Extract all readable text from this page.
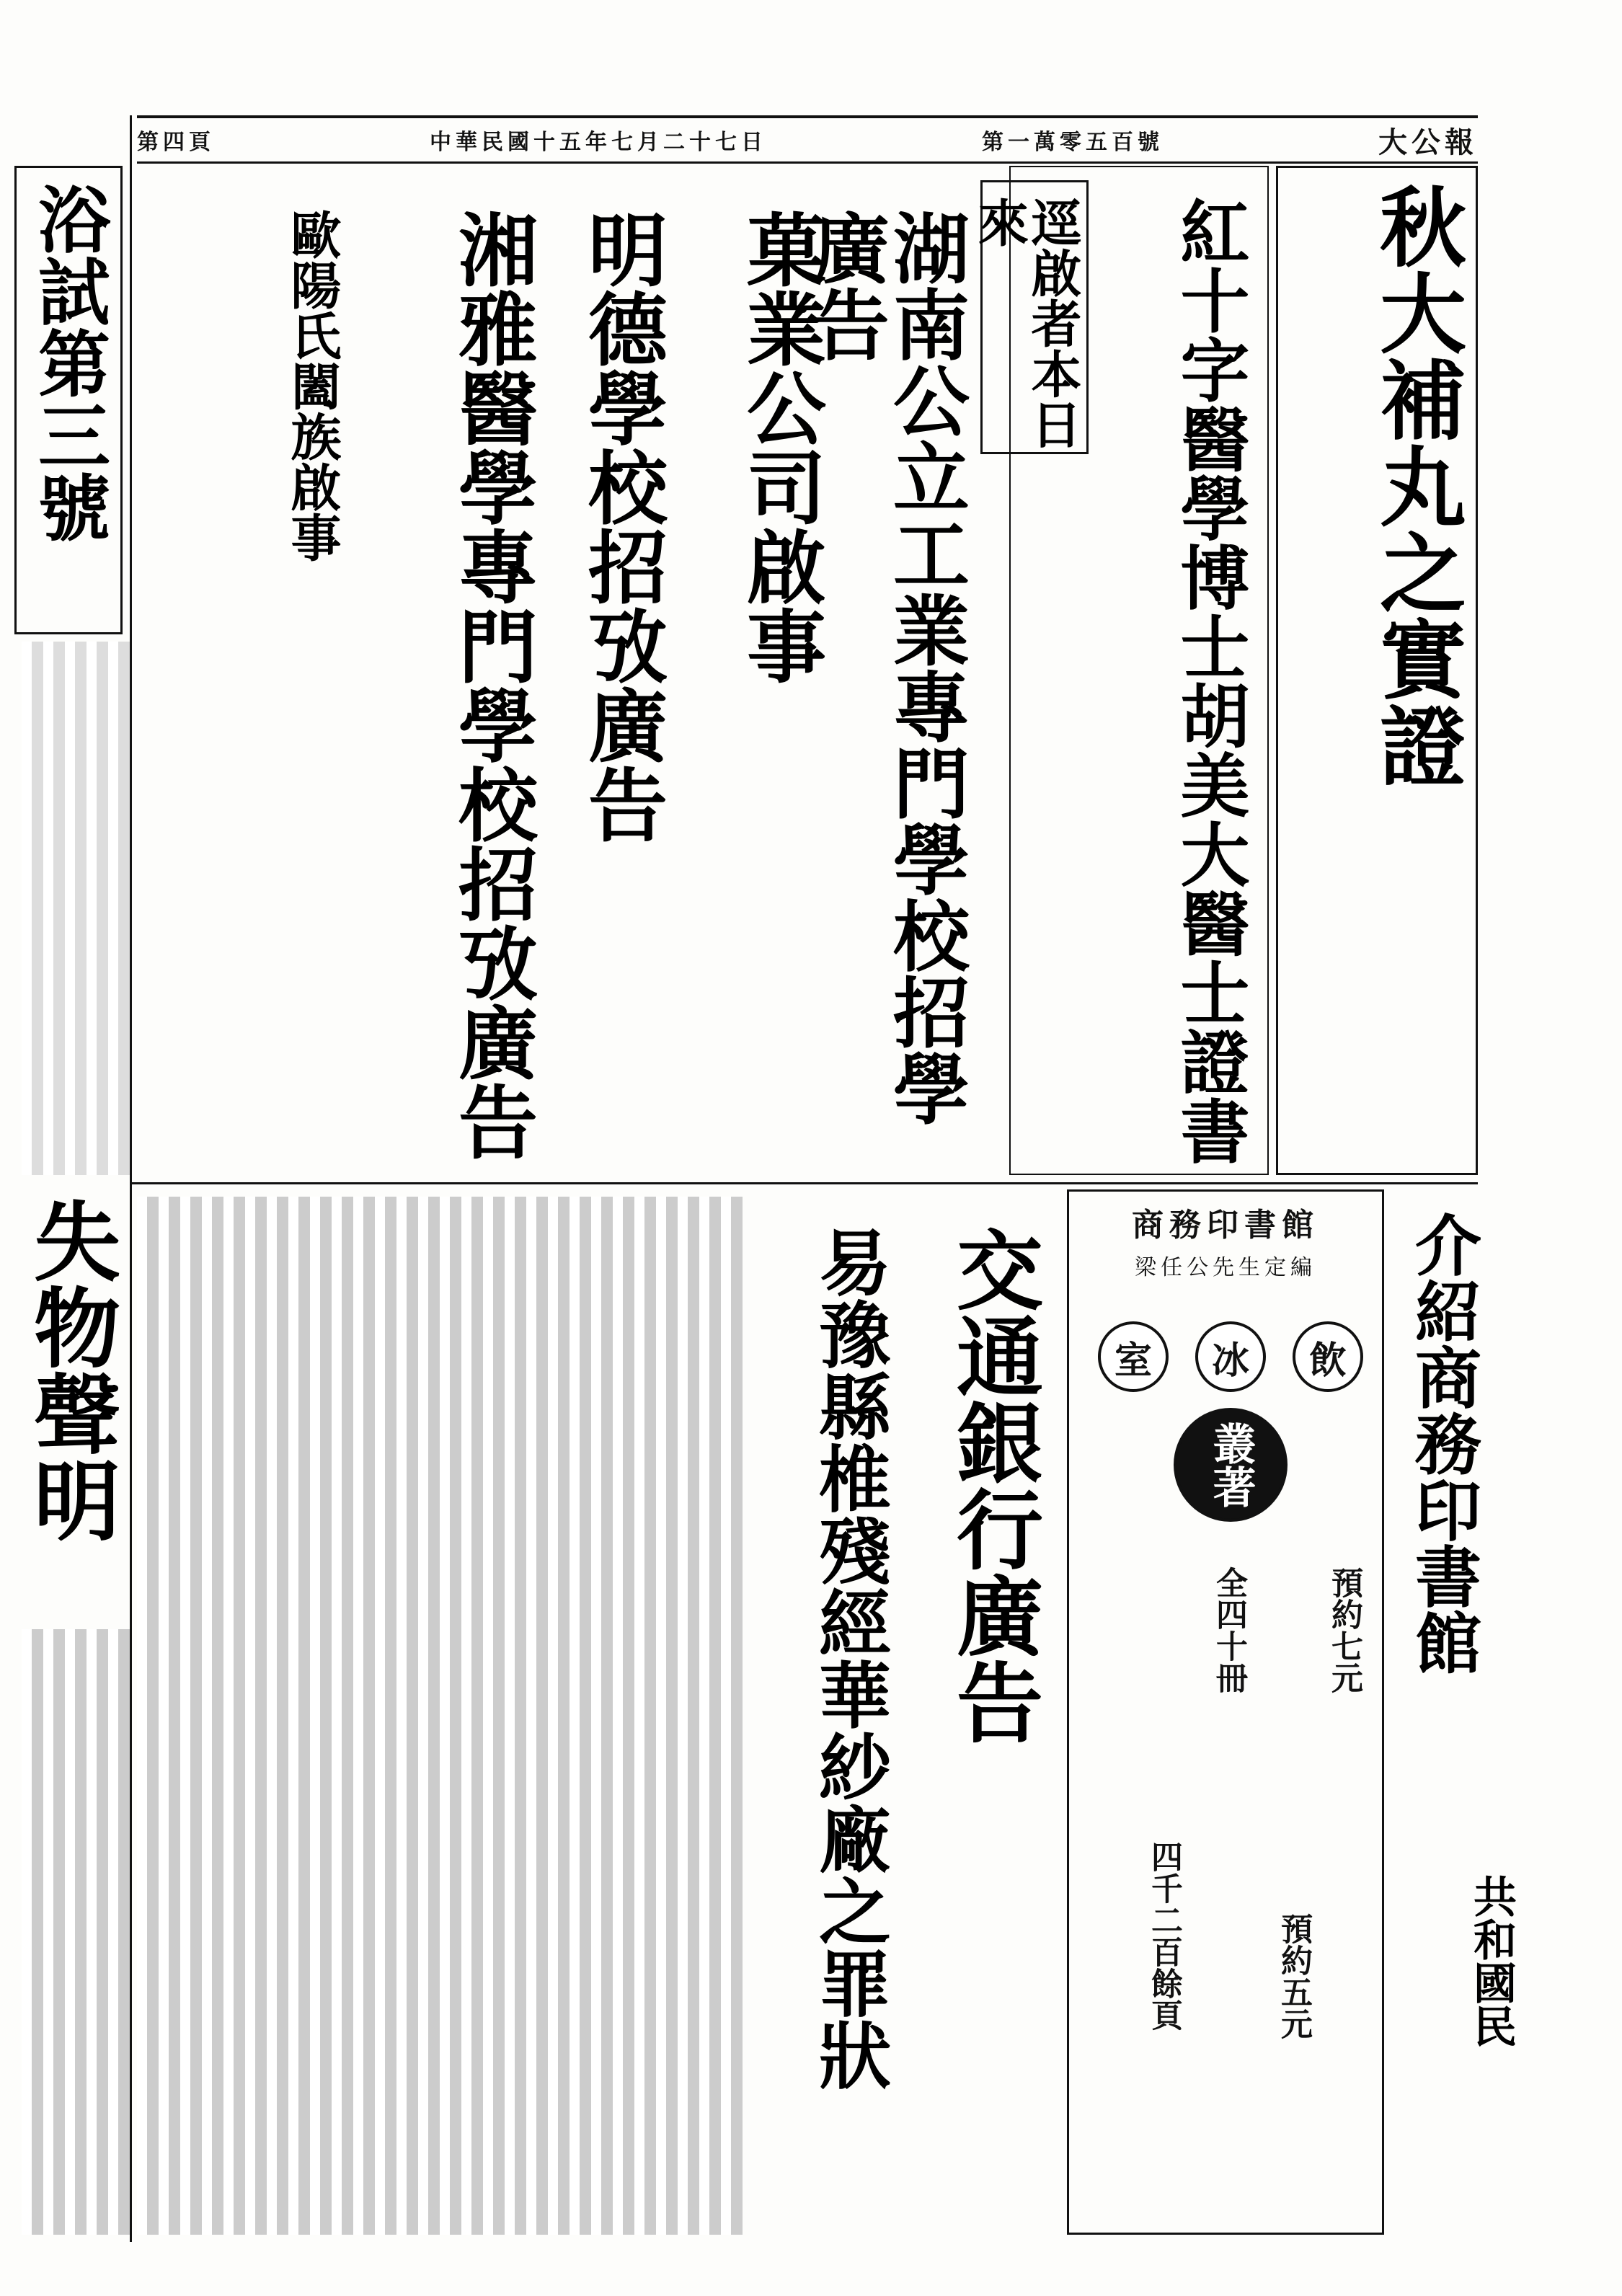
第四頁	中華民國十五年七月二十七日	第一萬零五百號	大公報
秋大補丸之實證
紅十字醫學博士胡美大醫士證書
逕啟者本日來
湖南公立工業專門學校招學廣告
菓業公司啟事
明德學校招攷廣告
湘雅醫學專門學校招攷廣告
歐陽氏闔族啟事
浴試第三號
失物聲明	介紹商務印書館
共和國民
商務印書館
梁任公先生定編
室	冰	飲
叢著
預約七元
全四十冊
四千二百餘頁	預約五元
交通銀行廣告
易豫縣椎殘經華紗廠之罪狀
